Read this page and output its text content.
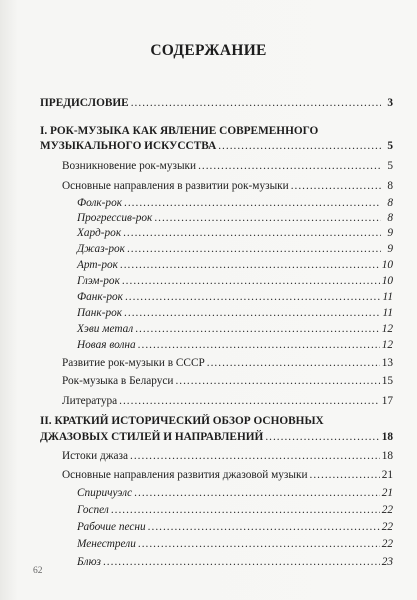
СОДЕРЖАНИЕ
ПРЕДИСЛОВИЕ .....	3
I. РОК-МУЗЫКА КАК ЯВЛЕНИЕ СОВРЕМЕННОГО
МУЗЫКАЛЬНОГО ИСКУССТВА .....	5
Возникновение рок-музыки .....	5
Основные направления в развитии рок-музыки .....	8
Фолк-рок .....	8
Прогрессив-рок .....	8
Хард-рок .....	9
Джаз-рок .....	9
Арт-рок .....	10
Глэм-рок .....	10
Фанк-рок .....	11
Панк-рок .....	11
Хэви метал .....	12
Новая волна .....	12
Развитие рок-музыки в СССР .....	13
Рок-музыка в Беларуси .....	15
Литература .....	17
II. КРАТКИЙ ИСТОРИЧЕСКИЙ ОБЗОР ОСНОВНЫХ
ДЖАЗОВЫХ СТИЛЕЙ И НАПРАВЛЕНИЙ .....	18
Истоки джаза .....	18
Основные направления развития джазовой музыки .....	21
Спиричуэлс .....	21
Госпел .....	22
Рабочие песни .....	22
Менестрели .....	22
Блюз .....	23
62
